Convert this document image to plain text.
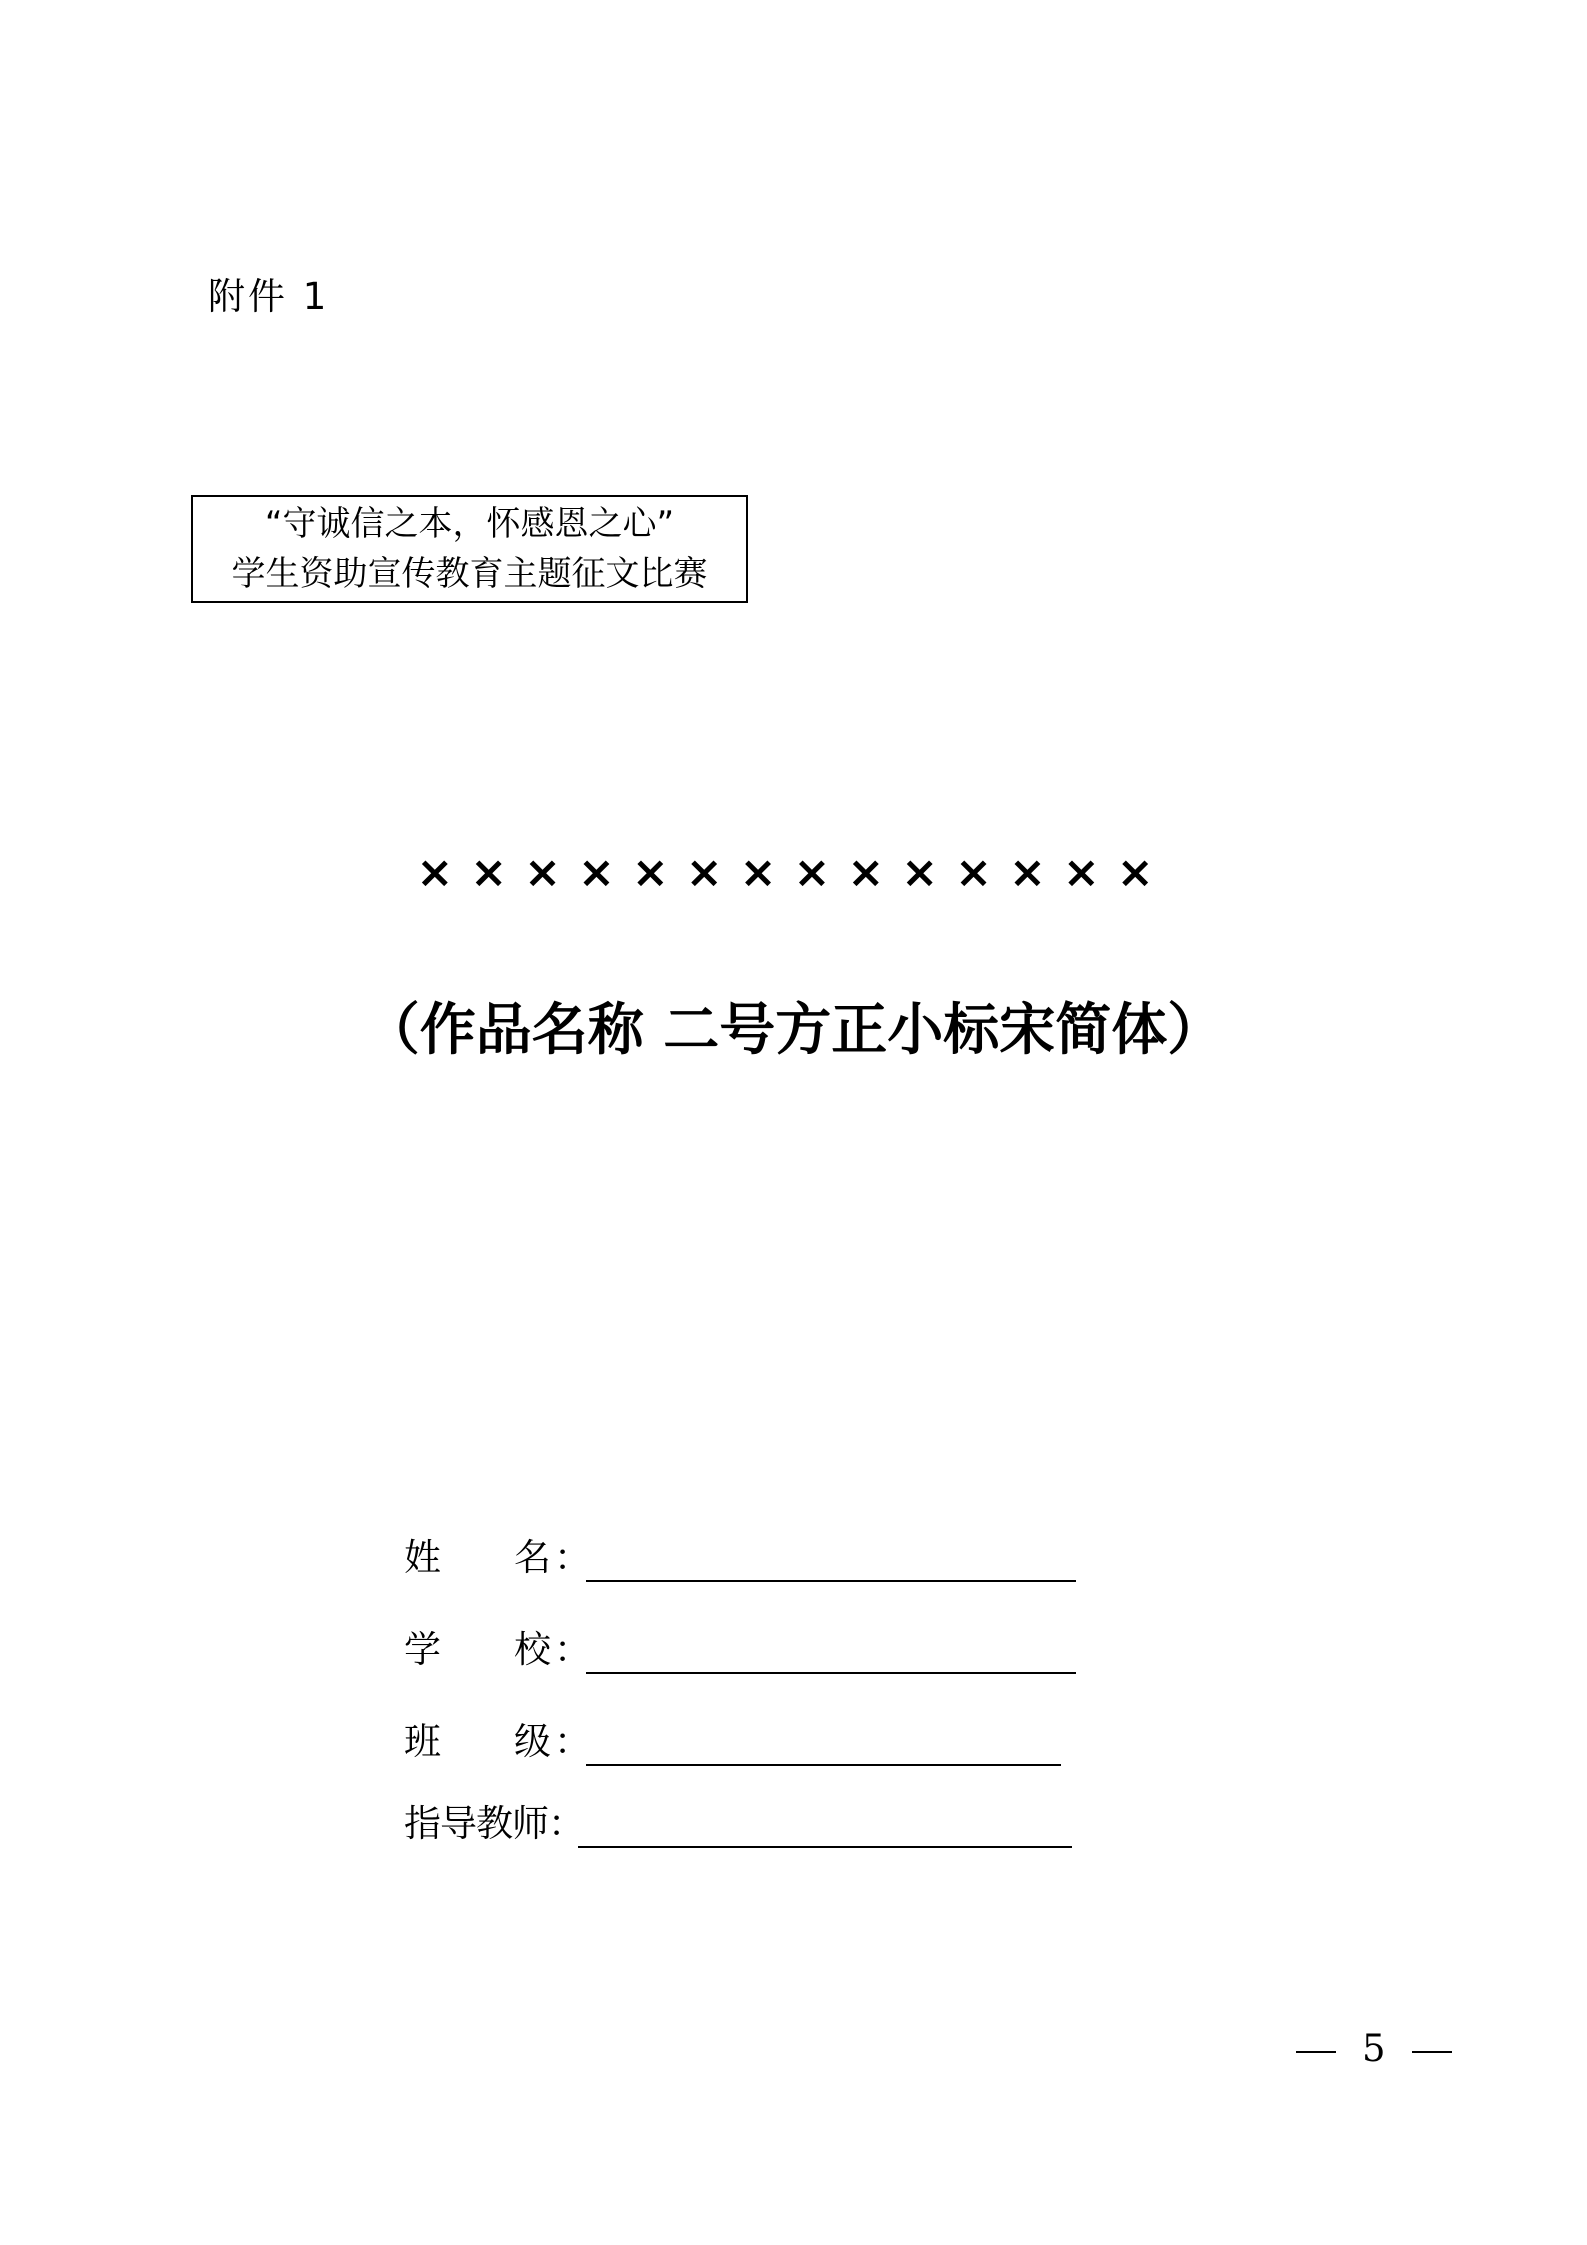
附件 1
“守诚信之本，怀感恩之心”
学生资助宣传教育主题征文比赛
××××××××××××××
（作品名称 二号方正小标宋简体）
姓 名 ：
学 校 ：
班 级 ：
指导教师：
5
